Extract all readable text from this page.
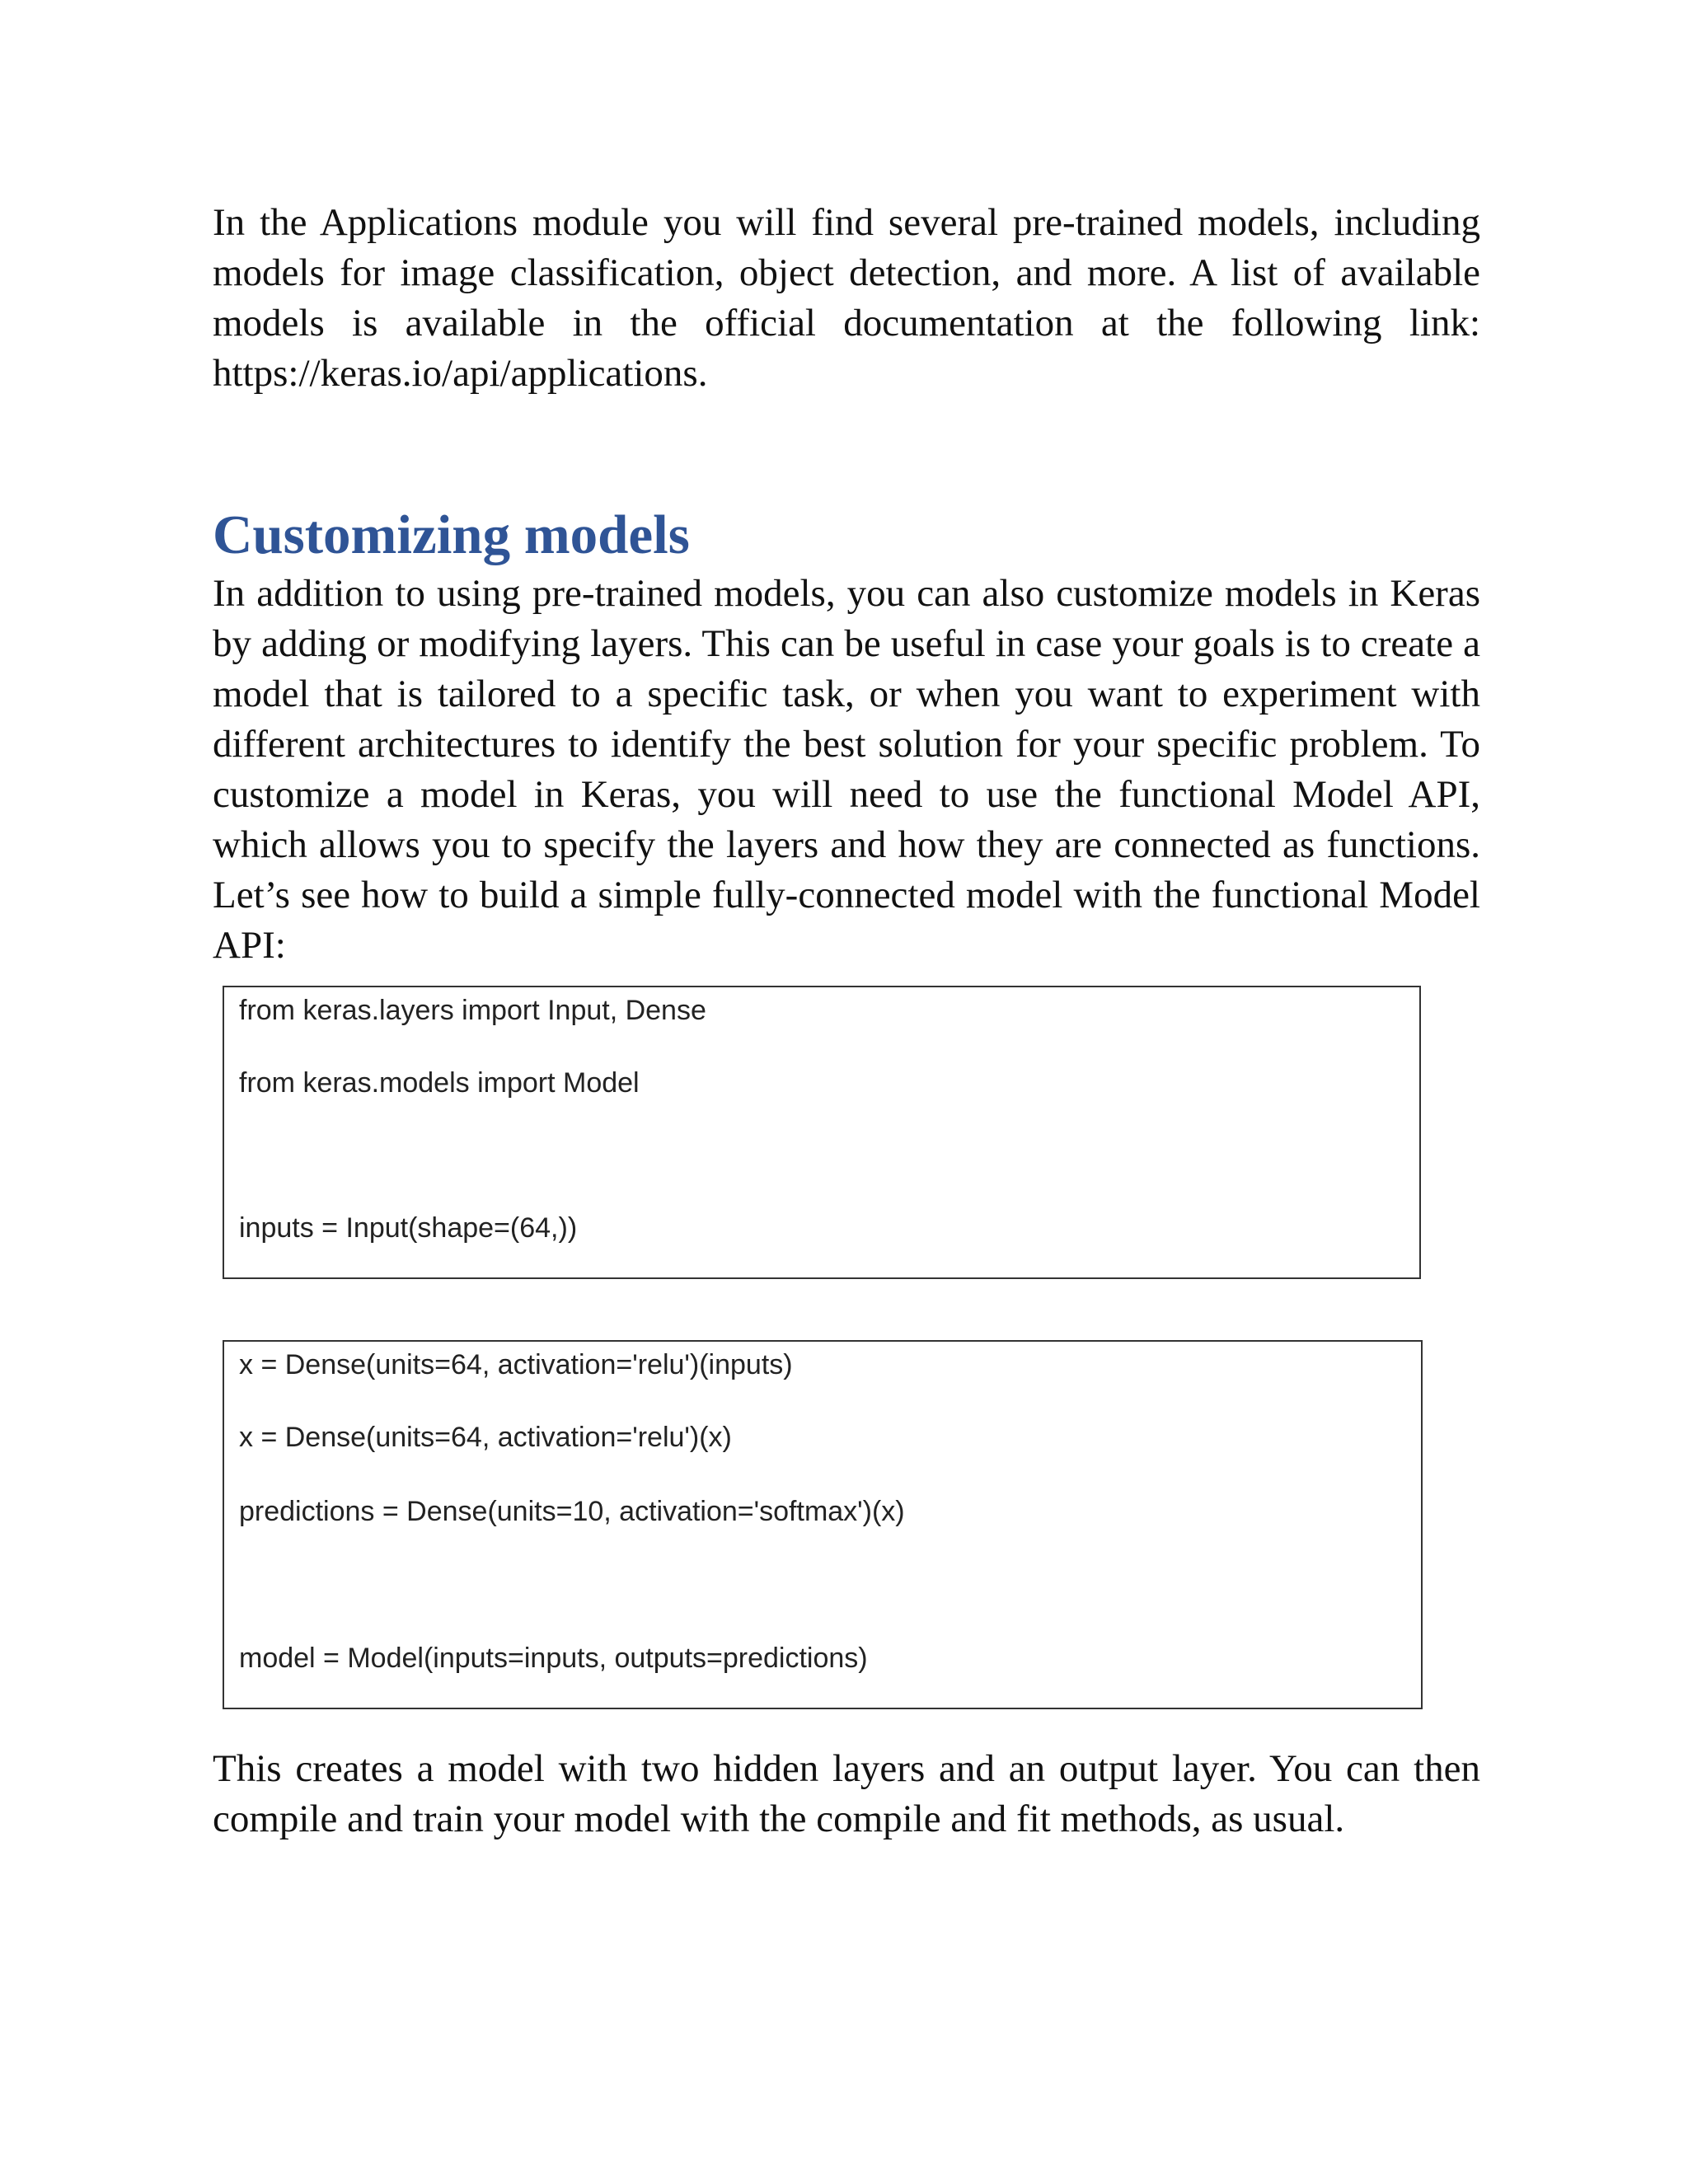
In the Applications module you will find several pre-trained models, including models for image classification, object detection, and more. A list of available models is available in the official documentation at the following link: https://keras.io/api/applications.

Customizing models

In addition to using pre-trained models, you can also customize models in Keras by adding or modifying layers. This can be useful in case your goals is to create a model that is tailored to a specific task, or when you want to experiment with different architectures to identify the best solution for your specific problem. To customize a model in Keras, you will need to use the functional Model API, which allows you to specify the layers and how they are connected as functions. Let’s see how to build a simple fully-connected model with the functional Model API:

from keras.layers import Input, Dense
from keras.models import Model
inputs = Input(shape=(64,))
x = Dense(units=64, activation='relu')(inputs)
x = Dense(units=64, activation='relu')(x)
predictions = Dense(units=10, activation='softmax')(x)
model = Model(inputs=inputs, outputs=predictions)

This creates a model with two hidden layers and an output layer. You can then compile and train your model with the compile and fit methods, as usual.
